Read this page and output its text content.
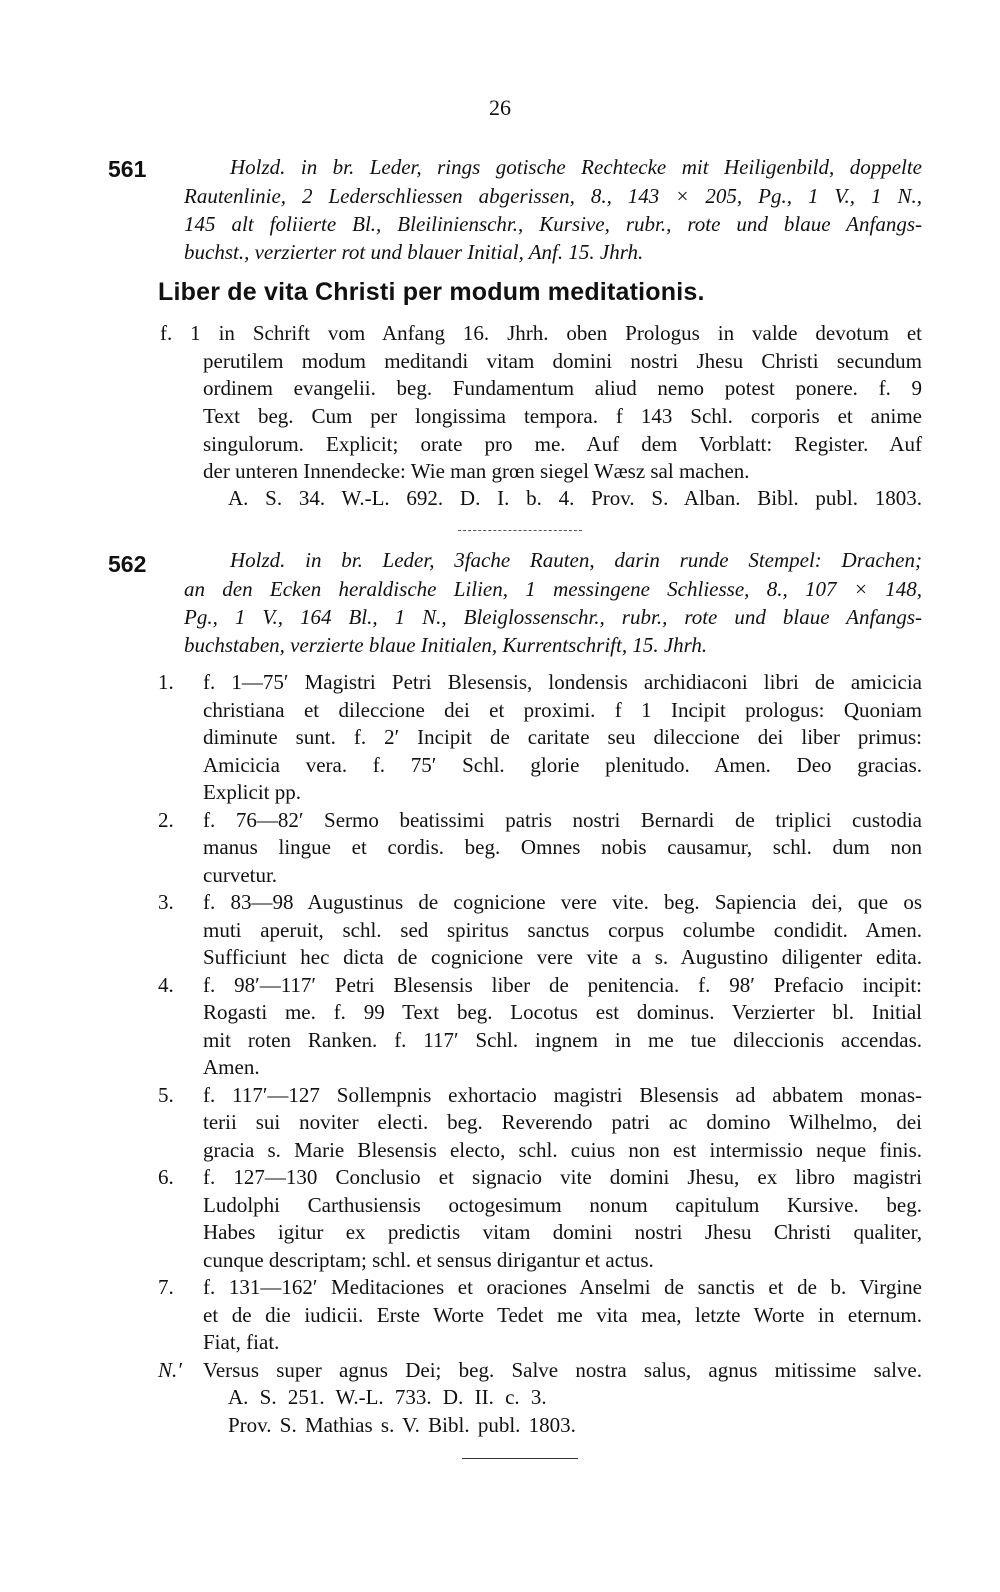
26
561	Holzd. in br. Leder, rings gotische Rechtecke mit Heiligenbild, doppelte
Rautenlinie, 2 Lederschliessen abgerissen, 8., 143 × 205, Pg., 1 V., 1 N.,
145 alt foliierte Bl., Bleilinienschr., Kursive, rubr., rote und blaue Anfangs-
buchst., verzierter rot und blauer Initial, Anf. 15. Jhrh.
Liber de vita Christi per modum meditationis.
f. 1 in Schrift vom Anfang 16. Jhrh. oben Prologus in valde devotum et
perutilem modum meditandi vitam domini nostri Jhesu Christi secundum
ordinem evangelii. beg. Fundamentum aliud nemo potest ponere. f. 9
Text beg. Cum per longissima tempora. f 143 Schl. corporis et anime
singulorum. Explicit; orate pro me. Auf dem Vorblatt: Register. Auf
der unteren Innendecke: Wie man grœn siegel Wæsz sal machen.
A. S. 34. W.-L. 692. D. I. b. 4. Prov. S. Alban. Bibl. publ. 1803.
562	Holzd. in br. Leder, 3fache Rauten, darin runde Stempel: Drachen;
an den Ecken heraldische Lilien, 1 messingene Schliesse, 8., 107 × 148,
Pg., 1 V., 164 Bl., 1 N., Bleiglossenschr., rubr., rote und blaue Anfangs-
buchstaben, verzierte blaue Initialen, Kurrentschrift, 15. Jhrh.
1. f. 1—75′ Magistri Petri Blesensis, londensis archidiaconi libri de amicicia
christiana et dileccione dei et proximi. f 1 Incipit prologus: Quoniam
diminute sunt. f. 2′ Incipit de caritate seu dileccione dei liber primus:
Amicicia vera. f. 75′ Schl. glorie plenitudo. Amen. Deo gracias.
Explicit pp.
2. f. 76—82′ Sermo beatissimi patris nostri Bernardi de triplici custodia
manus lingue et cordis. beg. Omnes nobis causamur, schl. dum non
curvetur.
3. f. 83—98 Augustinus de cognicione vere vite. beg. Sapiencia dei, que os
muti aperuit, schl. sed spiritus sanctus corpus columbe condidit. Amen.
Sufficiunt hec dicta de cognicione vere vite a s. Augustino diligenter edita.
4. f. 98′—117′ Petri Blesensis liber de penitencia. f. 98′ Prefacio incipit:
Rogasti me. f. 99 Text beg. Locotus est dominus. Verzierter bl. Initial
mit roten Ranken. f. 117′ Schl. ingnem in me tue dileccionis accendas.
Amen.
5. f. 117′—127 Sollempnis exhortacio magistri Blesensis ad abbatem monas-
terii sui noviter electi. beg. Reverendo patri ac domino Wilhelmo, dei
gracia s. Marie Blesensis electo, schl. cuius non est intermissio neque finis.
6. f. 127—130 Conclusio et signacio vite domini Jhesu, ex libro magistri
Ludolphi Carthusiensis octogesimum nonum capitulum Kursive. beg.
Habes igitur ex predictis vitam domini nostri Jhesu Christi qualiter,
cunque descriptam; schl. et sensus dirigantur et actus.
7. f. 131—162′ Meditaciones et oraciones Anselmi de sanctis et de b. Virgine
et de die iudicii. Erste Worte Tedet me vita mea, letzte Worte in eternum.
Fiat, fiat.
N.′ Versus super agnus Dei; beg. Salve nostra salus, agnus mitissime salve.
A. S. 251. W.-L. 733. D. II. c. 3.
Prov. S. Mathias s. V. Bibl. publ. 1803.
